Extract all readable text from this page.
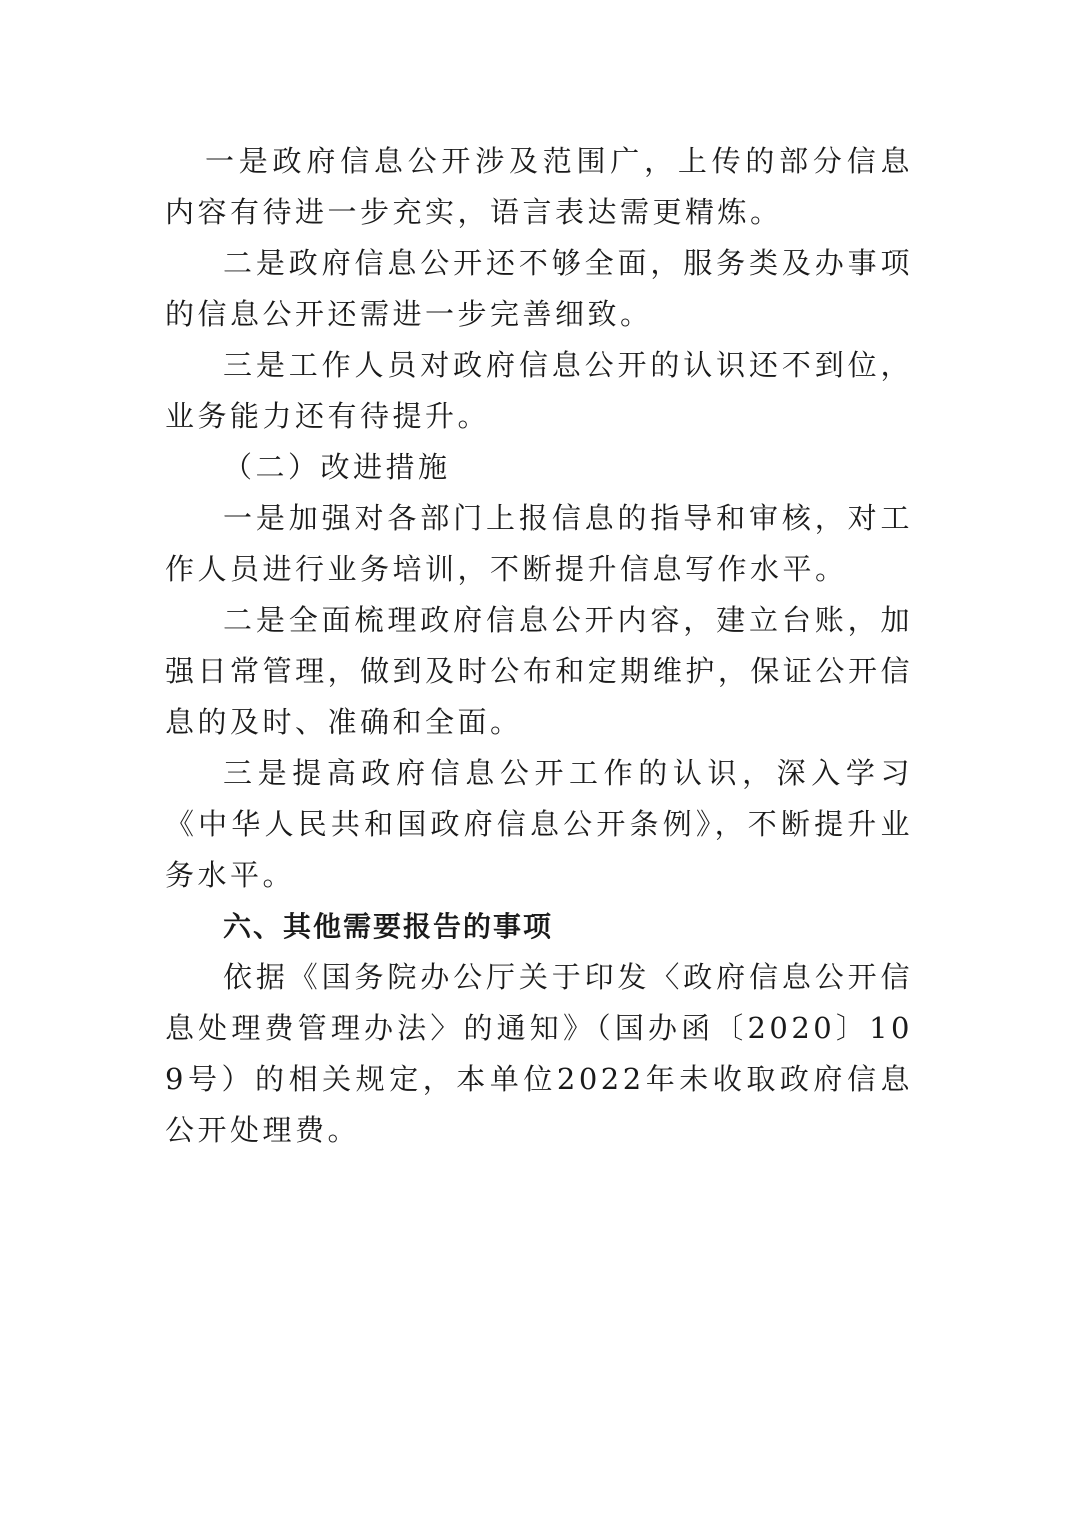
一是政府信息公开涉及范围广，上传的部分信息内容有待进一步充实，语言表达需更精炼。

二是政府信息公开还不够全面，服务类及办事项的信息公开还需进一步完善细致。

三是工作人员对政府信息公开的认识还不到位，业务能力还有待提升。

（二）改进措施

一是加强对各部门上报信息的指导和审核，对工作人员进行业务培训，不断提升信息写作水平。

二是全面梳理政府信息公开内容，建立台账，加强日常管理，做到及时公布和定期维护，保证公开信息的及时、准确和全面。

三是提高政府信息公开工作的认识，深入学习《中华人民共和国政府信息公开条例》，不断提升业务水平。

六、其他需要报告的事项

依据《国务院办公厅关于印发〈政府信息公开信息处理费管理办法〉的通知》（国办函〔2020〕109号）的相关规定，本单位2022年未收取政府信息公开处理费。
